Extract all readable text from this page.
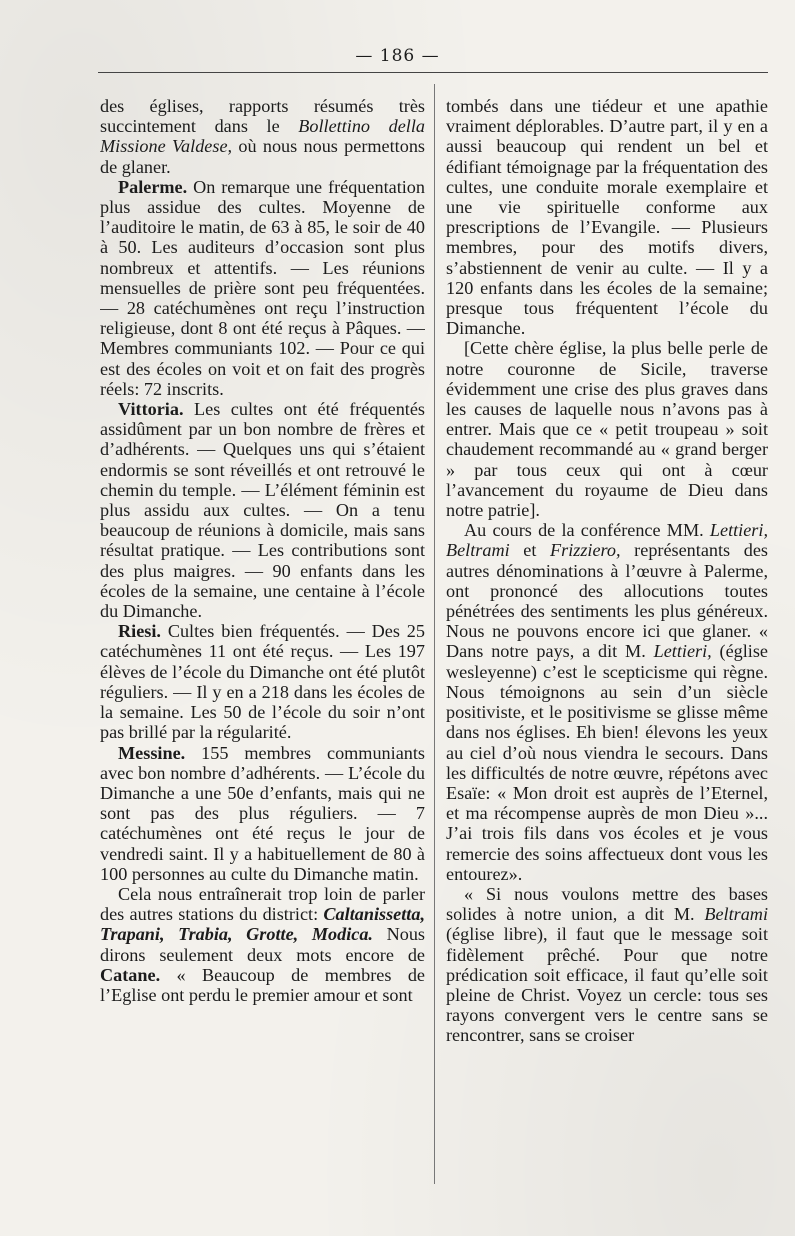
— 186 —

des églises, rapports résumés très succintement dans le Bollettino della Missione Valdese, où nous nous permettons de glaner.

Palerme. On remarque une fréquentation plus assidue des cultes. Moyenne de l’auditoire le matin, de 63 à 85, le soir de 40 à 50. Les auditeurs d’occasion sont plus nombreux et attentifs. — Les réunions mensuelles de prière sont peu fréquentées. — 28 catéchumènes ont reçu l’instruction religieuse, dont 8 ont été reçus à Pâques. — Membres communiants 102. — Pour ce qui est des écoles on voit et on fait des progrès réels: 72 inscrits.

Vittoria. Les cultes ont été fréquentés assidûment par un bon nombre de frères et d’adhérents. — Quelques uns qui s’étaient endormis se sont réveillés et ont retrouvé le chemin du temple. — L’élément féminin est plus assidu aux cultes. — On a tenu beaucoup de réunions à domicile, mais sans résultat pratique. — Les contributions sont des plus maigres. — 90 enfants dans les écoles de la semaine, une centaine à l’école du Dimanche.

Riesi. Cultes bien fréquentés. — Des 25 catéchumènes 11 ont été reçus. — Les 197 élèves de l’école du Dimanche ont été plutôt réguliers. — Il y en a 218 dans les écoles de la semaine. Les 50 de l’école du soir n’ont pas brillé par la régularité.

Messine. 155 membres communiants avec bon nombre d’adhérents. — L’école du Dimanche a une 50e d’enfants, mais qui ne sont pas des plus réguliers. — 7 catéchumènes ont été reçus le jour de vendredi saint. Il y a habituellement de 80 à 100 personnes au culte du Dimanche matin.

Cela nous entraînerait trop loin de parler des autres stations du district: Caltanissetta, Trapani, Trabia, Grotte, Modica. Nous dirons seulement deux mots encore de Catane. « Beaucoup de membres de l’Eglise ont perdu le premier amour et sont

tombés dans une tiédeur et une apathie vraiment déplorables. D’autre part, il y en a aussi beaucoup qui rendent un bel et édifiant témoignage par la fréquentation des cultes, une conduite morale exemplaire et une vie spirituelle conforme aux prescriptions de l’Evangile. — Plusieurs membres, pour des motifs divers, s’abstiennent de venir au culte. — Il y a 120 enfants dans les écoles de la semaine; presque tous fréquentent l’école du Dimanche.

[Cette chère église, la plus belle perle de notre couronne de Sicile, traverse évidemment une crise des plus graves dans les causes de laquelle nous n’avons pas à entrer. Mais que ce « petit troupeau » soit chaudement recommandé au « grand berger » par tous ceux qui ont à cœur l’avancement du royaume de Dieu dans notre patrie].

Au cours de la conférence MM. Lettieri, Beltrami et Frizziero, représentants des autres dénominations à l’œuvre à Palerme, ont prononcé des allocutions toutes pénétrées des sentiments les plus généreux. Nous ne pouvons encore ici que glaner. « Dans notre pays, a dit M. Lettieri, (église wesleyenne) c’est le scepticisme qui règne. Nous témoignons au sein d’un siècle positiviste, et le positivisme se glisse même dans nos églises. Eh bien! élevons les yeux au ciel d’où nous viendra le secours. Dans les difficultés de notre œuvre, répétons avec Esaïe: « Mon droit est auprès de l’Eternel, et ma récompense auprès de mon Dieu »... J’ai trois fils dans vos écoles et je vous remercie des soins affectueux dont vous les entourez».

« Si nous voulons mettre des bases solides à notre union, a dit M. Beltrami (église libre), il faut que le message soit fidèlement prêché. Pour que notre prédication soit efficace, il faut qu’elle soit pleine de Christ. Voyez un cercle: tous ses rayons convergent vers le centre sans se rencontrer, sans se croiser
